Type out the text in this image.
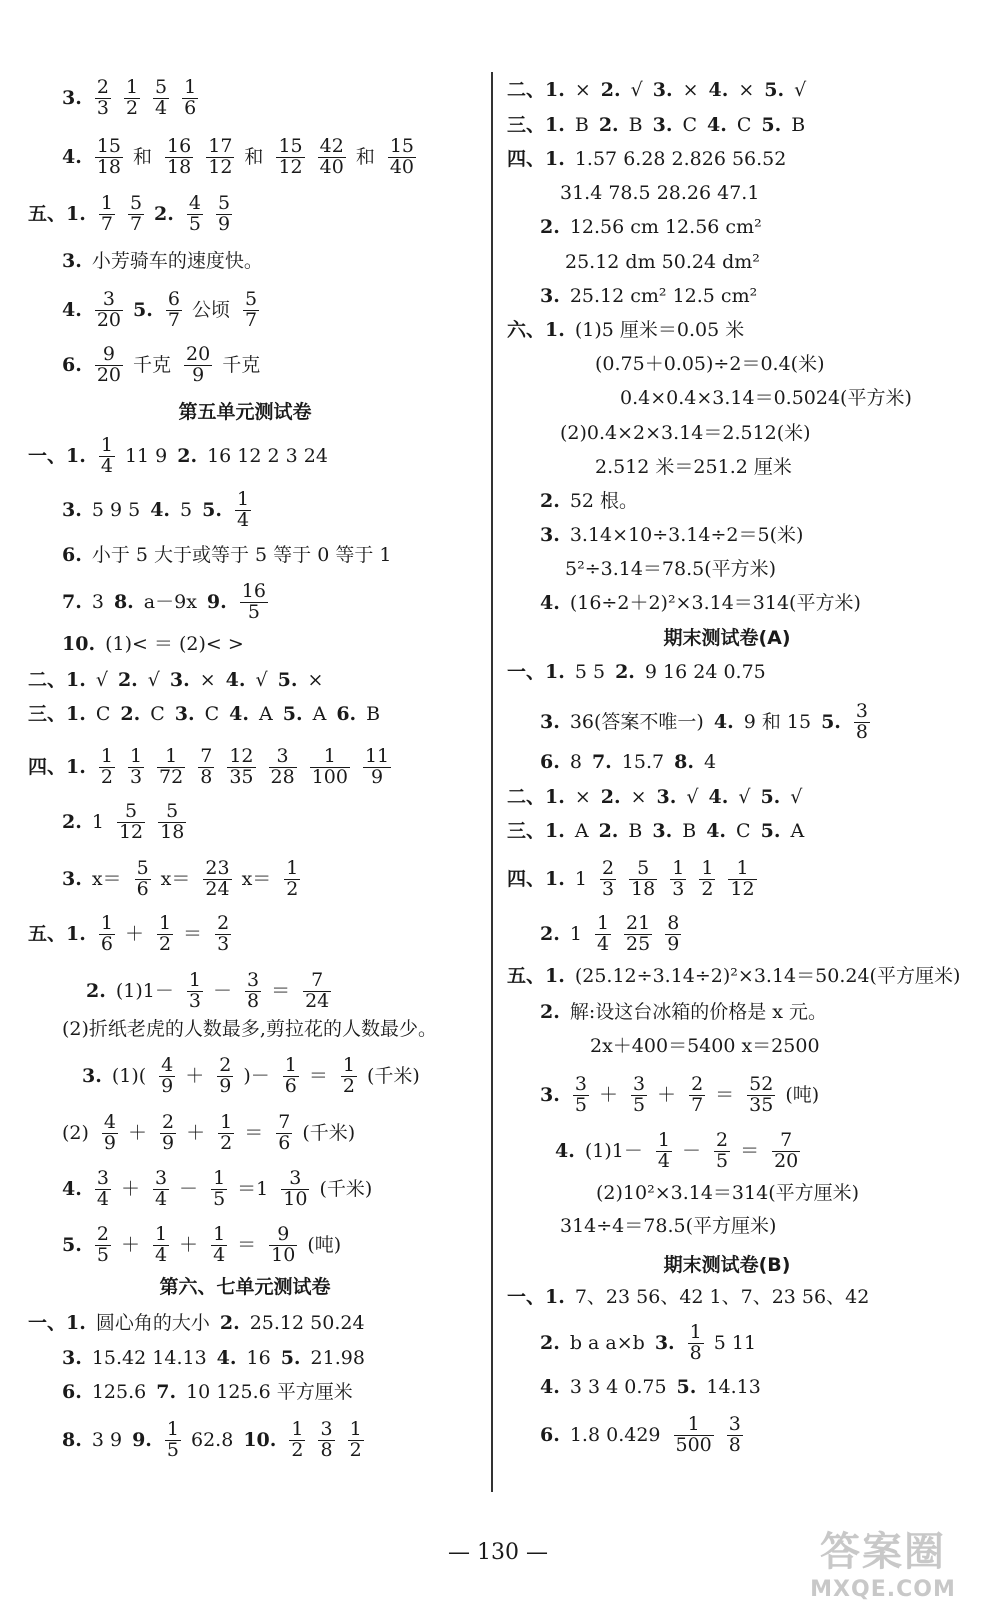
3. $\frac{2}{3} \frac{1}{2} \frac{5}{4} \frac{1}{6}$
4. $\frac{15}{18}$ 和 $\frac{16}{18} \frac{17}{12}$ 和 $\frac{15}{12} \frac{42}{40}$ 和 $\frac{15}{40}$
五、1. $\frac{1}{7} \frac{5}{7} 2$. $\frac{4}{5} \frac{5}{9}$
3. 小芳骑车的速度快。
4. $\frac{3}{20} 5$. $\frac{6}{7}$ 公顷 $\frac{5}{7}$
6. $\frac{9}{20}$ 千克 $\frac{20}{9}$ 千克
一、1. $\frac{1}{4} 11$ 9 2. 16 12 2 3 24
3. 5 9 5 4. 5 5. $\frac{1}{4}$
6. 小于 5 大于或等于 5 等于 0 等于 1
7. 3 8. a－9x 9. $\frac{16}{5}$
10. (1)< ＝ (2)< >
二、1. √ 2. √ 3. × 4. √ 5. ×
三、1. C 2. C 3. C 4. A 5. A 6. B
四、1. $\frac{1}{2} \frac{1}{3} \frac{1}{72} \frac{7}{8} \frac{12}{35} \frac{3}{28} \frac{1}{100} \frac{11}{9}$
2. $1 \frac{5}{12} \frac{5}{18}$
3. $x= \frac{5}{6} x= \frac{23}{24} x= \frac{1}{2}$
五、1. $\frac{1}{6} + \frac{1}{2} = \frac{2}{3}$
2. $(1)1- \frac{1}{3} - \frac{3}{8} = \frac{7}{24}$
(2)折纸老虎的人数最多,剪拉花的人数最少。
3. $(1)( \frac{4}{9} + \frac{2}{9}$ )－ $\frac{1}{6} = \frac{1}{2}$ (千米)
$(2) \frac{4}{9} + \frac{2}{9} + \frac{1}{2} = \frac{7}{6}$ (千米)
4. $\frac{3}{4} + \frac{3}{4} - \frac{1}{5} =1 \frac{3}{10}$ (千米)
5. $\frac{2}{5} + \frac{1}{4} + \frac{1}{4} = \frac{9}{10}$ (吨)
一、1. 圆心角的大小 2. 25.12 50.24
3. 15.42 14.13 4. 16 5. 21.98
6. 125.6 7. 10 125.6 平方厘米
8. 3 9 9. $\frac{1}{5} 62.8$ 10. $\frac{1}{2} \frac{3}{8} \frac{1}{2}$
二、1. × 2. √ 3. × 4. × 5. √
三、1. B 2. B 3. C 4. C 5. B
四、1. 1.57 6.28 2.826 56.52
31.4 78.5 28.26 47.1
2. 12.56 cm 12.56 cm²
25.12 dm 50.24 dm²
3. 25.12 cm² 12.5 cm²
六、1. (1)5 厘米＝0.05 米
(0.75＋0.05)÷2＝0.4(米)
0.4×0.4×3.14＝0.5024(平方米)
(2)0.4×2×3.14＝2.512(米)
2.512 米＝251.2 厘米
2. 52 根。
3. 3.14×10÷3.14÷2＝5(米)
5²÷3.14＝78.5(平方米)
4. (16÷2＋2)²×3.14＝314(平方米)
一、1. 5 5 2. 9 16 24 0.75
3. 36(答案不唯一) 4. 9 和 15 5. $\frac{3}{8}$
6. 8 7. 15.7 8. 4
二、1. × 2. × 3. √ 4. √ 5. √
三、1. A 2. B 3. B 4. C 5. A
四、1. $1 \frac{2}{3} \frac{5}{18} \frac{1}{3} \frac{1}{2} \frac{1}{12}$
2. $1 \frac{1}{4} \frac{21}{25} \frac{8}{9}$
五、1. (25.12÷3.14÷2)²×3.14＝50.24(平方厘米)
2. 解:设这台冰箱的价格是 x 元。
2x＋400＝5400 x＝2500
3. $\frac{3}{5} + \frac{3}{5} + \frac{2}{7} = \frac{52}{35}$ (吨)
4. $(1)1- \frac{1}{4} - \frac{2}{5} = \frac{7}{20}$
(2)10²×3.14＝314(平方厘米)
314÷4＝78.5(平方厘米)
一、1. 7、23 56、42 1、7、23 56、42
2. b a a×b 3. $\frac{1}{8} 5$ 11
4. 3 3 4 0.75 5. 14.13
6. 1.8 $0.429 \frac{1}{500} \frac{3}{8}$
第五单元测试卷
第六、七单元测试卷
期末测试卷(A)
期末测试卷(B)
— 130 —	答案圈
MXQE.COM
